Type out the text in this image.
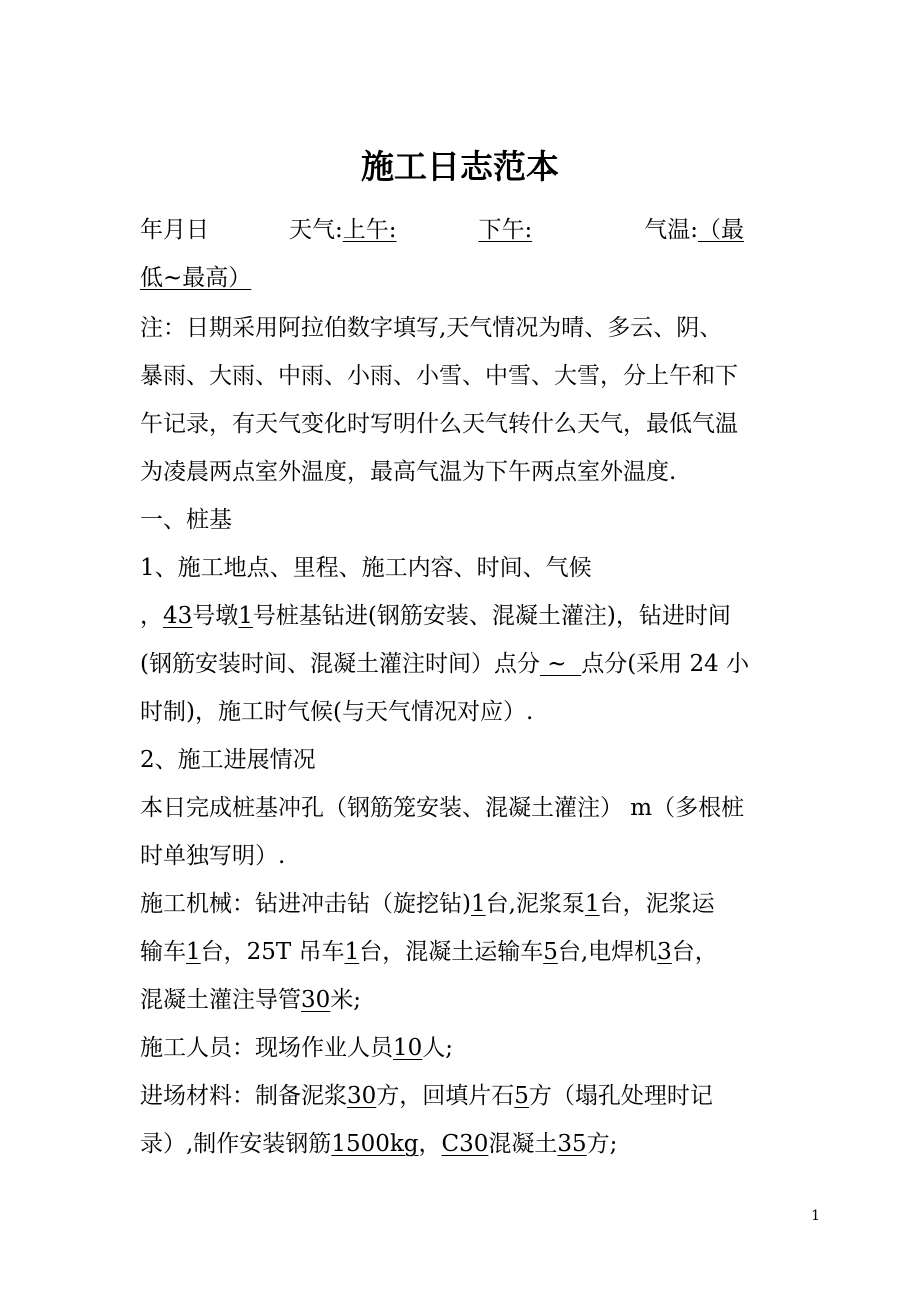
施工日志范本
年月日	天气:上午:	下午:	气温:（最
低~最高）
注：日期采用阿拉伯数字填写,天气情况为晴、多云、阴、
暴雨、大雨、中雨、小雨、小雪、中雪、大雪，分上午和下
午记录，有天气变化时写明什么天气转什么天气，最低气温
为凌晨两点室外温度，最高气温为下午两点室外温度.
一、桩基
1、施工地点、里程、施工内容、时间、气候
，43号墩1号桩基钻进(钢筋安装、混凝土灌注)，钻进时间
(钢筋安装时间、混凝土灌注时间）点分 ~ 点分(采用 24 小
时制)，施工时气候(与天气情况对应）.
2、施工进展情况
本日完成桩基冲孔（钢筋笼安装、混凝土灌注） m（多根桩
时单独写明）.
施工机械：钻进冲击钻（旋挖钻)1台,泥浆泵1台，泥浆运
输车1台，25T 吊车1台，混凝土运输车5台,电焊机3台，
混凝土灌注导管30米;
施工人员：现场作业人员10人;
进场材料：制备泥浆30方，回填片石5方（塌孔处理时记
录）,制作安装钢筋1500kg，C30混凝土35方;
1
